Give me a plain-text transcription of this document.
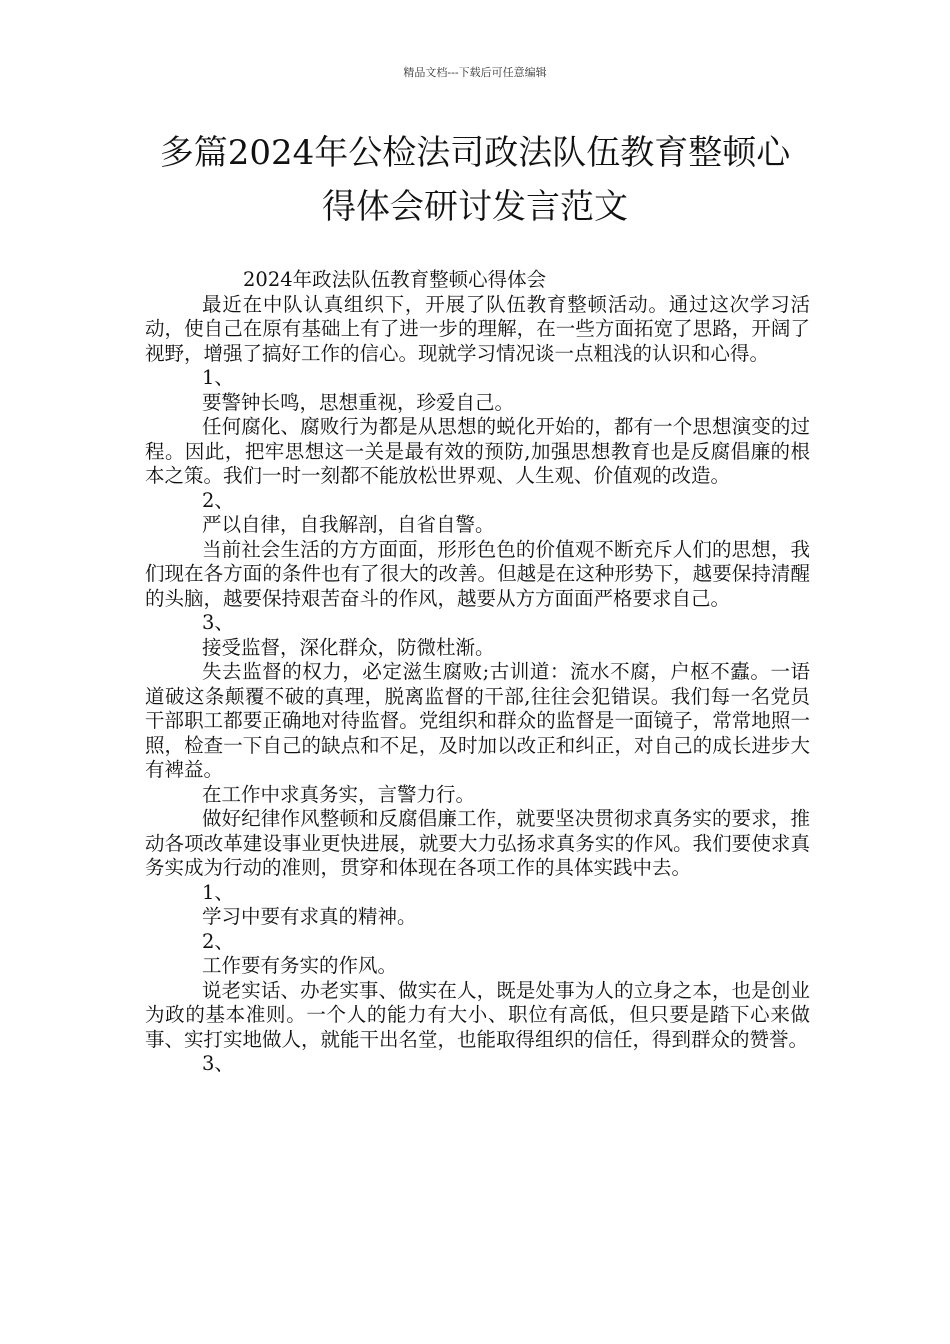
精品文档---下载后可任意编辑
多篇2024年公检法司政法队伍教育整顿心
得体会研讨发言范文

2024年政法队伍教育整顿心得体会

最近在中队认真组织下，开展了队伍教育整顿活动。通过这次学习活动，使自己在原有基础上有了进一步的理解，在一些方面拓宽了思路，开阔了视野，增强了搞好工作的信心。现就学习情况谈一点粗浅的认识和心得。

1、

要警钟长鸣，思想重视，珍爱自己。

任何腐化、腐败行为都是从思想的蜕化开始的，都有一个思想演变的过程。因此，把牢思想这一关是最有效的预防,加强思想教育也是反腐倡廉的根本之策。我们一时一刻都不能放松世界观、人生观、价值观的改造。

2、

严以自律，自我解剖，自省自警。

当前社会生活的方方面面，形形色色的价值观不断充斥人们的思想，我们现在各方面的条件也有了很大的改善。但越是在这种形势下，越要保持清醒的头脑，越要保持艰苦奋斗的作风，越要从方方面面严格要求自己。

3、

接受监督，深化群众，防微杜渐。

失去监督的权力，必定滋生腐败;古训道：流水不腐，户枢不蠹。一语道破这条颠覆不破的真理，脱离监督的干部,往往会犯错误。我们每一名党员干部职工都要正确地对待监督。党组织和群众的监督是一面镜子，常常地照一照，检查一下自己的缺点和不足，及时加以改正和纠正，对自己的成长进步大有裨益。

在工作中求真务实，言警力行。

做好纪律作风整顿和反腐倡廉工作，就要坚决贯彻求真务实的要求，推动各项改革建设事业更快进展，就要大力弘扬求真务实的作风。我们要使求真务实成为行动的准则，贯穿和体现在各项工作的具体实践中去。

1、

学习中要有求真的精神。

2、

工作要有务实的作风。

说老实话、办老实事、做实在人，既是处事为人的立身之本，也是创业为政的基本准则。一个人的能力有大小、职位有高低，但只要是踏下心来做事、实打实地做人，就能干出名堂，也能取得组织的信任，得到群众的赞誉。

3、
